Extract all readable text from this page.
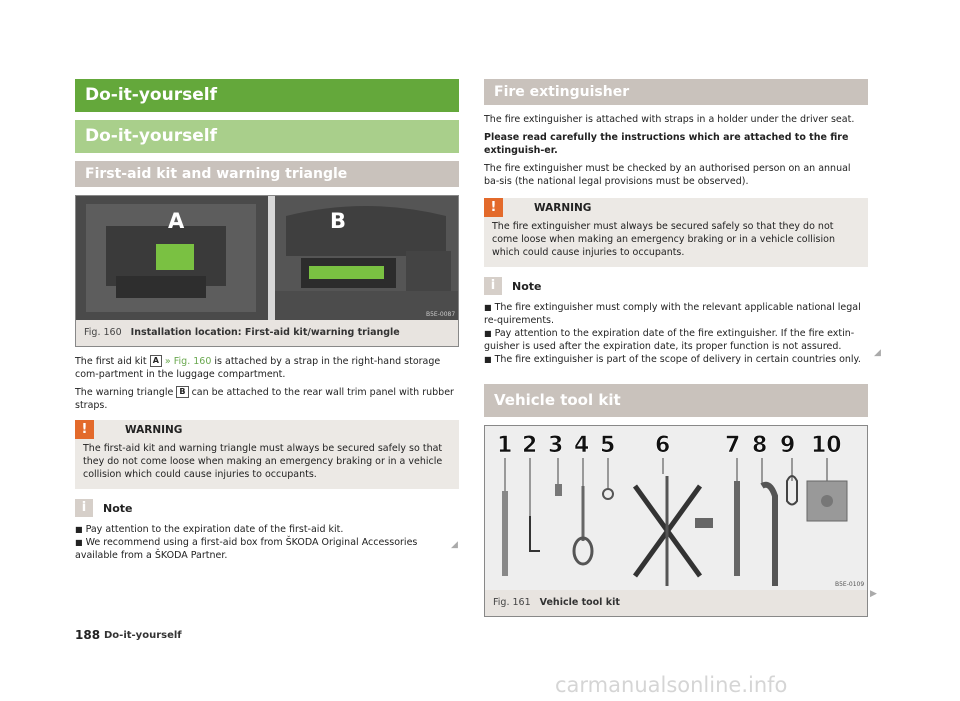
Do-it-yourself
Do-it-yourself
First-aid kit and warning triangle
A	B
B5E-0087
Fig. 160 Installation location: First-aid kit/warning triangle

The first aid kit A » Fig. 160 is attached by a strap in the right-hand storage com-partment in the luggage compartment.

The warning triangle B can be attached to the rear wall trim panel with rubber straps.

!	WARNING
The first-aid kit and warning triangle must always be secured safely so that they do not come loose when making an emergency braking or in a vehicle collision which could cause injuries to occupants.
i	Note

■ Pay attention to the expiration date of the first-aid kit.

■ We recommend using a first-aid box from ŠKODA Original Accessories available from a ŠKODA Partner.

◢
Fire extinguisher

The fire extinguisher is attached with straps in a holder under the driver seat.

Please read carefully the instructions which are attached to the fire extinguish-er.

The fire extinguisher must be checked by an authorised person on an annual ba-sis (the national legal provisions must be observed).

!	WARNING
The fire extinguisher must always be secured safely so that they do not come loose when making an emergency braking or in a vehicle collision which could cause injuries to occupants.
i	Note

■ The fire extinguisher must comply with the relevant applicable national legal re-quirements.

■ Pay attention to the expiration date of the fire extinguisher. If the fire extin-guisher is used after the expiration date, its proper function is not assured.

■ The fire extinguisher is part of the scope of delivery in certain countries only.

Vehicle tool kit
1 2 3 4 5 6 7 8 9 10
B5E-0109
Fig. 161 Vehicle tool kit
◢
▶
188 Do-it-yourself
carmanualsonline.info
